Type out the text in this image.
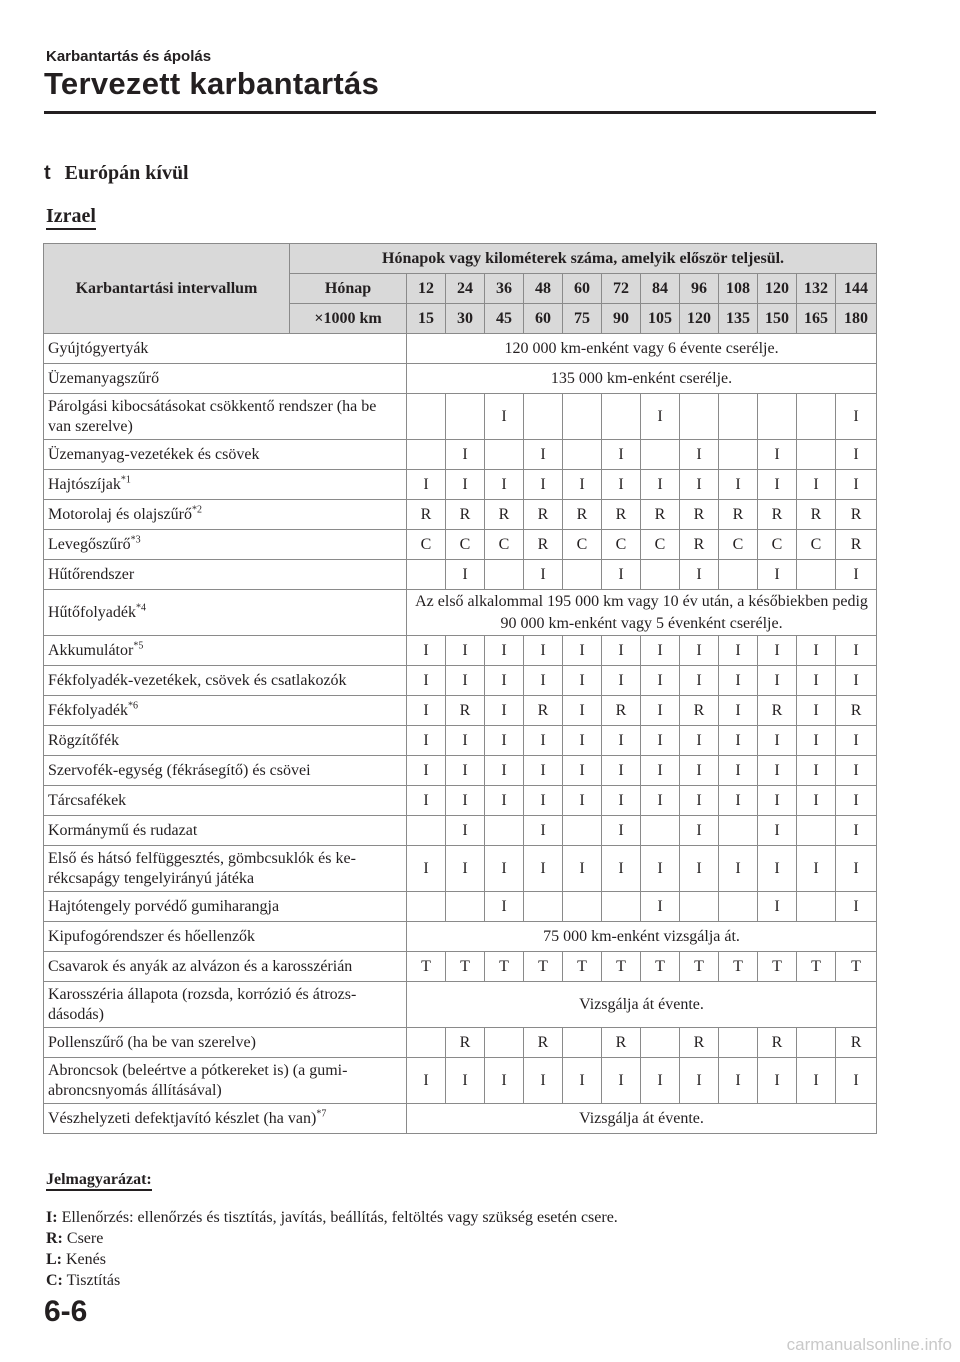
Karbantartás és ápolás
Tervezett karbantartás
t Európán kívül
Izrael
Karbantartási intervallum	Hónapok vagy kilométerek száma, amelyik először teljesül.												
	Hónap	12	24	36	48	60	72	84	96	108	120	132	144
	×1000 km	15	30	45	60	75	90	105	120	135	150	165	180
Gyújtógyertyák		120 000 km-enként vagy 6 évente cserélje.											
Üzemanyagszűrő		135 000 km-enként cserélje.											
Párolgási kibocsátásokat csökkentő rendszer (ha be van szerelve)				I				I					I
Üzemanyag-vezetékek és csövek			I		I		I		I		I		I
Hajtószíjak$^{*1}$		I	I	I	I	I	I	I	I	I	I	I	I
Motorolaj és olajszűrő$^{*2}$		R	R	R	R	R	R	R	R	R	R	R	R
Levegőszűrő$^{*3}$		C	C	C	R	C	C	C	R	C	C	C	R
Hűtőrendszer			I		I		I		I		I		I
Hűtőfolyadék$^{*4}$		Az első alkalommal 195 000 km vagy 10 év után, a későbiekben pedig 90 000 km-enként vagy 5 évenként cserélje.											
Akkumulátor$^{*5}$		I	I	I	I	I	I	I	I	I	I	I	I
Fékfolyadék-vezetékek, csövek és csatlakozók		I	I	I	I	I	I	I	I	I	I	I	I
Fékfolyadék$^{*6}$		I	R	I	R	I	R	I	R	I	R	I	R
Rögzítőfék		I	I	I	I	I	I	I	I	I	I	I	I
Szervofék-egység (fékrásegítő) és csövei		I	I	I	I	I	I	I	I	I	I	I	I
Tárcsafékek		I	I	I	I	I	I	I	I	I	I	I	I
Kormánymű és rudazat			I		I		I		I		I		I
Első és hátsó felfüggesztés, gömbcsuklók és kerékcsapágy tengelyirányú játéka		I	I	I	I	I	I	I	I	I	I	I	I
Hajtótengely porvédő gumiharangja				I				I			I		I
Kipufogórendszer és hőellenzők		75 000 km-enként vizsgálja át.											
Csavarok és anyák az alvázon és a karosszérián		T	T	T	T	T	T	T	T	T	T	T	T
Karosszéria állapota (rozsda, korrózió és átrozsdásodás)		Vizsgálja át évente.											
Pollenszűrő (ha be van szerelve)			R		R		R		R		R		R
Abroncsok (beleértve a pótkereket is) (a gumiabroncsnyomás állításával)		I	I	I	I	I	I	I	I	I	I	I	I
Vészhelyzeti defektjavító készlet (ha van)$^{*7}$		Vizsgálja át évente.											
Jelmagyarázat:
I: Ellenőrzés: ellenőrzés és tisztítás, javítás, beállítás, feltöltés vagy szükség esetén csere.
R: Csere
L: Kenés
C: Tisztítás
6-6
carmanualsonline.info
